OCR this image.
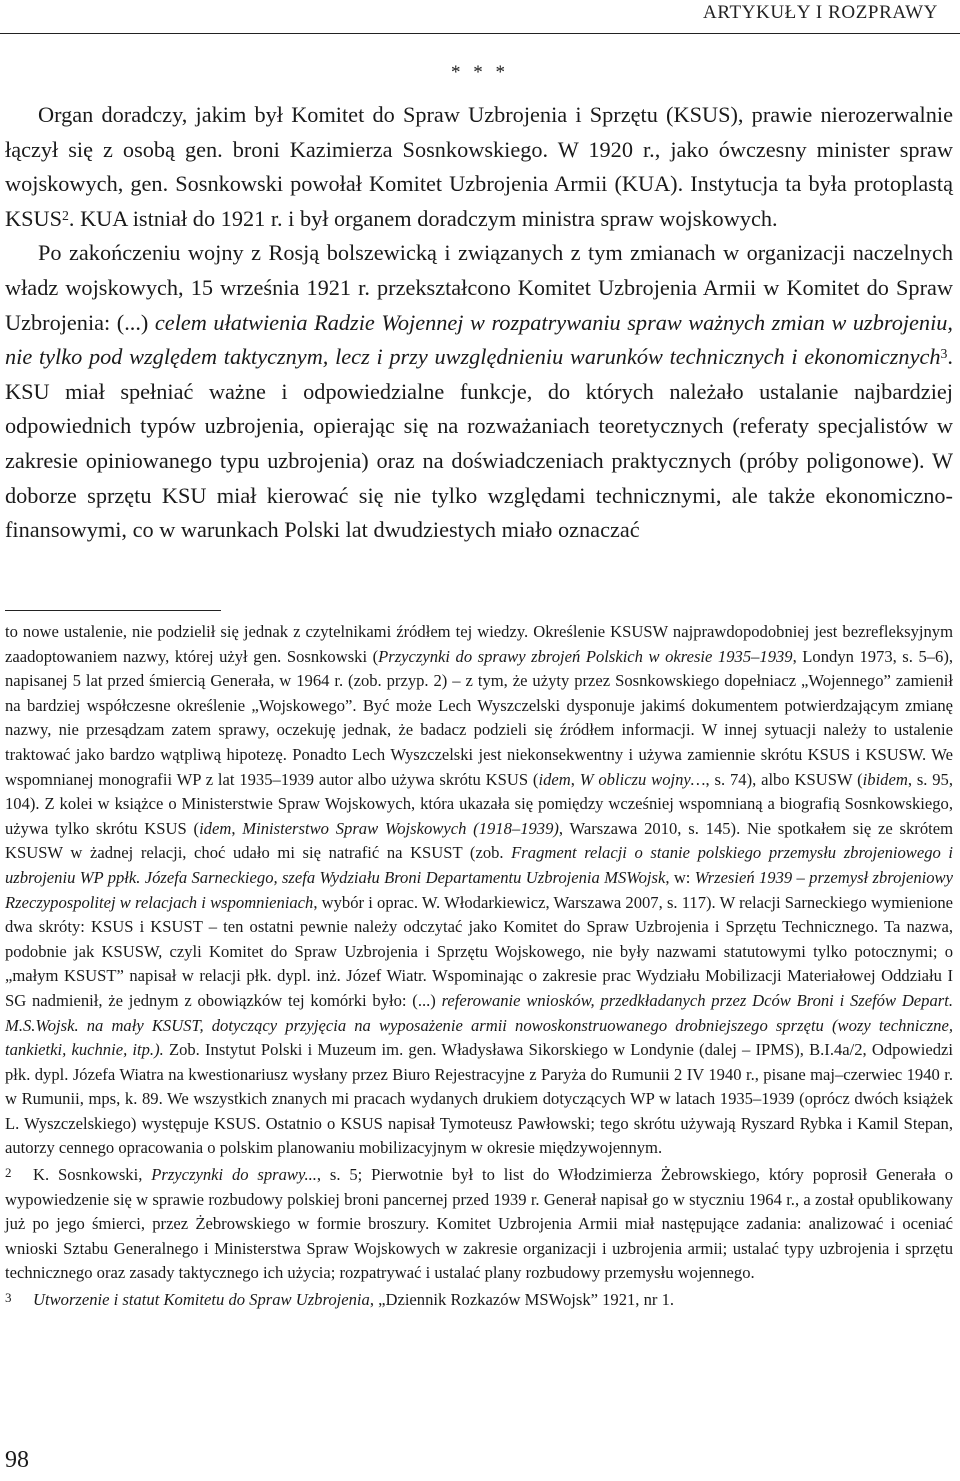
ARTYKUŁY I ROZPRAWY
* * *

Organ doradczy, jakim był Komitet do Spraw Uzbrojenia i Sprzętu (KSUS), prawie nierozerwalnie łączył się z osobą gen. broni Kazimierza Sosnkowskiego. W 1920 r., jako ówczesny minister spraw wojskowych, gen. Sosnkowski powołał Komitet Uzbrojenia Armii (KUA). Instytucja ta była protoplastą KSUS$^2$. KUA istniał do 1921 r. i był organem doradczym ministra spraw wojskowych.

Po zakończeniu wojny z Rosją bolszewicką i związanych z tym zmianach w organizacji naczelnych władz wojskowych, 15 września 1921 r. przekształcono Komitet Uzbrojenia Armii w Komitet do Spraw Uzbrojenia: (...) celem ułatwienia Radzie Wojennej w rozpatrywaniu spraw ważnych zmian w uzbrojeniu, nie tylko pod względem taktycznym, lecz i przy uwzględnieniu warunków technicznych i ekonomicznych$^3$. KSU miał spełniać ważne i odpowiedzialne funkcje, do których należało ustalanie najbardziej odpowiednich typów uzbrojenia, opierając się na rozważaniach teoretycznych (referaty specjalistów w zakresie opiniowanego typu uzbrojenia) oraz na doświadczeniach praktycznych (próby poligonowe). W doborze sprzętu KSU miał kierować się nie tylko względami technicznymi, ale także ekonomiczno-finansowymi, co w warunkach Polski lat dwudziestych miało oznaczać

to nowe ustalenie, nie podzielił się jednak z czytelnikami źródłem tej wiedzy. Określenie KSUSW najprawdopodobniej jest bezrefleksyjnym zaadoptowaniem nazwy, której użył gen. Sosnkowski (Przyczynki do sprawy zbrojeń Polskich w okresie 1935–1939, Londyn 1973, s. 5–6), napisanej 5 lat przed śmiercią Generała, w 1964 r. (zob. przyp. 2) – z tym, że użyty przez Sosnkowskiego dopełniacz „Wojennego” zamienił na bardziej współczesne określenie „Wojskowego”. Być może Lech Wyszczelski dysponuje jakimś dokumentem potwierdzającym zmianę nazwy, nie przesądzam zatem sprawy, oczekuję jednak, że badacz podzieli się źródłem informacji. W innej sytuacji należy to ustalenie traktować jako bardzo wątpliwą hipotezę. Ponadto Lech Wyszczelski jest niekonsekwentny i używa zamiennie skrótu KSUS i KSUSW. We wspomnianej monografii WP z lat 1935–1939 autor albo używa skrótu KSUS (idem, W obliczu wojny…, s. 74), albo KSUSW (ibidem, s. 95, 104). Z kolei w książce o Ministerstwie Spraw Wojskowych, która ukazała się pomiędzy wcześniej wspomnianą a biografią Sosnkowskiego, używa tylko skrótu KSUS (idem, Ministerstwo Spraw Wojskowych (1918–1939), Warszawa 2010, s. 145). Nie spotkałem się ze skrótem KSUSW w żadnej relacji, choć udało mi się natrafić na KSUST (zob. Fragment relacji o stanie polskiego przemysłu zbrojeniowego i uzbrojeniu WP ppłk. Józefa Sarneckiego, szefa Wydziału Broni Departamentu Uzbrojenia MSWojsk, w: Wrzesień 1939 – przemysł zbrojeniowy Rzeczypospolitej w relacjach i wspomnieniach, wybór i oprac. W. Włodarkiewicz, Warszawa 2007, s. 117). W relacji Sarneckiego wymienione dwa skróty: KSUS i KSUST – ten ostatni pewnie należy odczytać jako Komitet do Spraw Uzbrojenia i Sprzętu Technicznego. Ta nazwa, podobnie jak KSUSW, czyli Komitet do Spraw Uzbrojenia i Sprzętu Wojskowego, nie były nazwami statutowymi tylko potocznymi; o „małym KSUST” napisał w relacji płk. dypl. inż. Józef Wiatr. Wspominając o zakresie prac Wydziału Mobilizacji Materiałowej Oddziału I SG nadmienił, że jednym z obowiązków tej komórki było: (...) referowanie wniosków, przedkładanych przez Dców Broni i Szefów Depart. M.S.Wojsk. na mały KSUST, dotyczący przyjęcia na wyposażenie armii nowoskonstruowanego drobniejszego sprzętu (wozy techniczne, tankietki, kuchnie, itp.). Zob. Instytut Polski i Muzeum im. gen. Władysława Sikorskiego w Londynie (dalej – IPMS), B.I.4a/2, Odpowiedzi płk. dypl. Józefa Wiatra na kwestionariusz wysłany przez Biuro Rejestracyjne z Paryża do Rumunii 2 IV 1940 r., pisane maj–czerwiec 1940 r. w Rumunii, mps, k. 89. We wszystkich znanych mi pracach wydanych drukiem dotyczących WP w latach 1935–1939 (oprócz dwóch książek L. Wyszczelskiego) występuje KSUS. Ostatnio o KSUS napisał Tymoteusz Pawłowski; tego skrótu używają Ryszard Rybka i Kamil Stepan, autorzy cennego opracowania o polskim planowaniu mobilizacyjnym w okresie międzywojennym.

2 K. Sosnkowski, Przyczynki do sprawy..., s. 5; Pierwotnie był to list do Włodzimierza Żebrowskiego, który poprosił Generała o wypowiedzenie się w sprawie rozbudowy polskiej broni pancernej przed 1939 r. Generał napisał go w styczniu 1964 r., a został opublikowany już po jego śmierci, przez Żebrowskiego w formie broszury. Komitet Uzbrojenia Armii miał następujące zadania: analizować i oceniać wnioski Sztabu Generalnego i Ministerstwa Spraw Wojskowych w zakresie organizacji i uzbrojenia armii; ustalać typy uzbrojenia i sprzętu technicznego oraz zasady taktycznego ich użycia; rozpatrywać i ustalać plany rozbudowy przemysłu wojennego.

3 Utworzenie i statut Komitetu do Spraw Uzbrojenia, „Dziennik Rozkazów MSWojsk” 1921, nr 1.

98
